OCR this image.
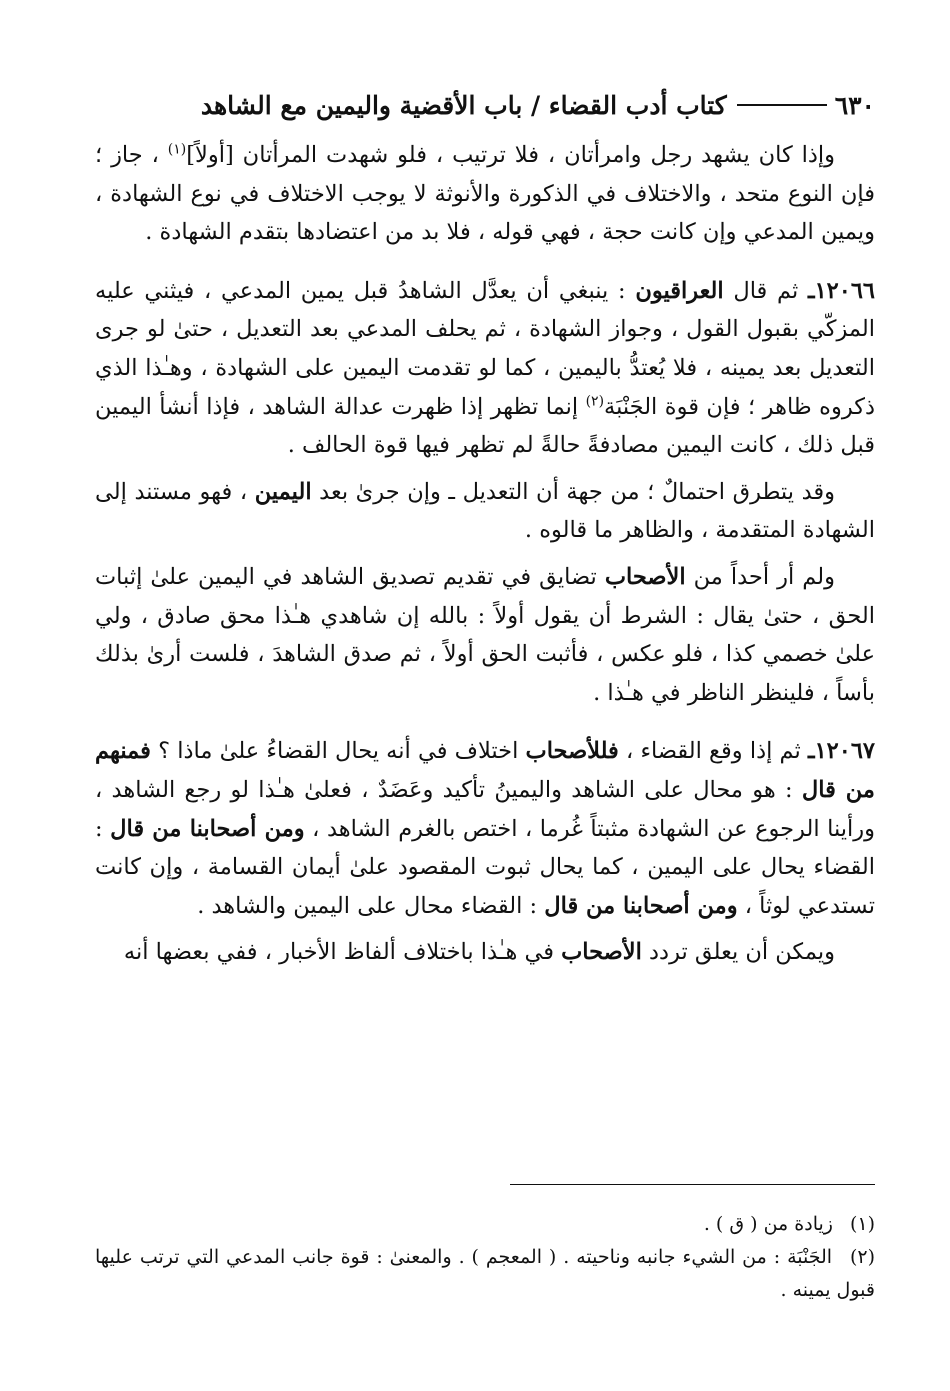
٦٣٠
كتاب أدب القضاء / باب الأقضية واليمين مع الشاهد

وإذا كان يشهد رجل وامرأتان ، فلا ترتيب ، فلو شهدت المرأتان [أولاً]$^{(١)}$ ، جاز ؛ فإن النوع متحد ، والاختلاف في الذكورة والأنوثة لا يوجب الاختلاف في نوع الشهادة ، ويمين المدعي وإن كانت حجة ، فهي قوله ، فلا بد من اعتضادها بتقدم الشهادة .

١٢٠٦٦ـ ثم قال العراقيون : ينبغي أن يعدَّل الشاهدُ قبل يمين المدعي ، فيثني عليه المزكّي بقبول القول ، وجواز الشهادة ، ثم يحلف المدعي بعد التعديل ، حتىٰ لو جرى التعديل بعد يمينه ، فلا يُعتدُّ باليمين ، كما لو تقدمت اليمين على الشهادة ، وهـٰذا الذي ذكروه ظاهر ؛ فإن قوة الجَنْبَة$^{(٢)}$ إنما تظهر إذا ظهرت عدالة الشاهد ، فإذا أنشأ اليمين قبل ذلك ، كانت اليمين مصادفةً حالةً لم تظهر فيها قوة الحالف .

وقد يتطرق احتمالٌ ؛ من جهة أن التعديل ـ وإن جرىٰ بعد اليمين ، فهو مستند إلى الشهادة المتقدمة ، والظاهر ما قالوه .

ولم أر أحداً من الأصحاب تضايق في تقديم تصديق الشاهد في اليمين علىٰ إثبات الحق ، حتىٰ يقال : الشرط أن يقول أولاً : بالله إن شاهدي هـٰذا محق صادق ، ولي علىٰ خصمي كذا ، فلو عكس ، فأثبت الحق أولاً ، ثم صدق الشاهدَ ، فلست أرىٰ بذلك بأساً ، فلينظر الناظر في هـٰذا .

١٢٠٦٧ـ ثم إذا وقع القضاء ، فللأصحاب اختلاف في أنه يحال القضاءُ علىٰ ماذا ؟ فمنهم من قال : هو محال على الشاهد واليمينُ تأكيد وعَضَدٌ ، فعلىٰ هـٰذا لو رجع الشاهد ، ورأينا الرجوع عن الشهادة مثبتاً غُرما ، اختص بالغرم الشاهد ، ومن أصحابنا من قال : القضاء يحال على اليمين ، كما يحال ثبوت المقصود علىٰ أيمان القسامة ، وإن كانت تستدعي لوثاً ، ومن أصحابنا من قال : القضاء محال على اليمين والشاهد .

ويمكن أن يعلق تردد الأصحاب في هـٰذا باختلاف ألفاظ الأخبار ، ففي بعضها أنه

(١) زيادة من ( ق ) .

(٢) الجَنْبَة : من الشيء جانبه وناحيته . ( المعجم ) . والمعنىٰ : قوة جانب المدعي التي ترتب عليها قبول يمينه .
